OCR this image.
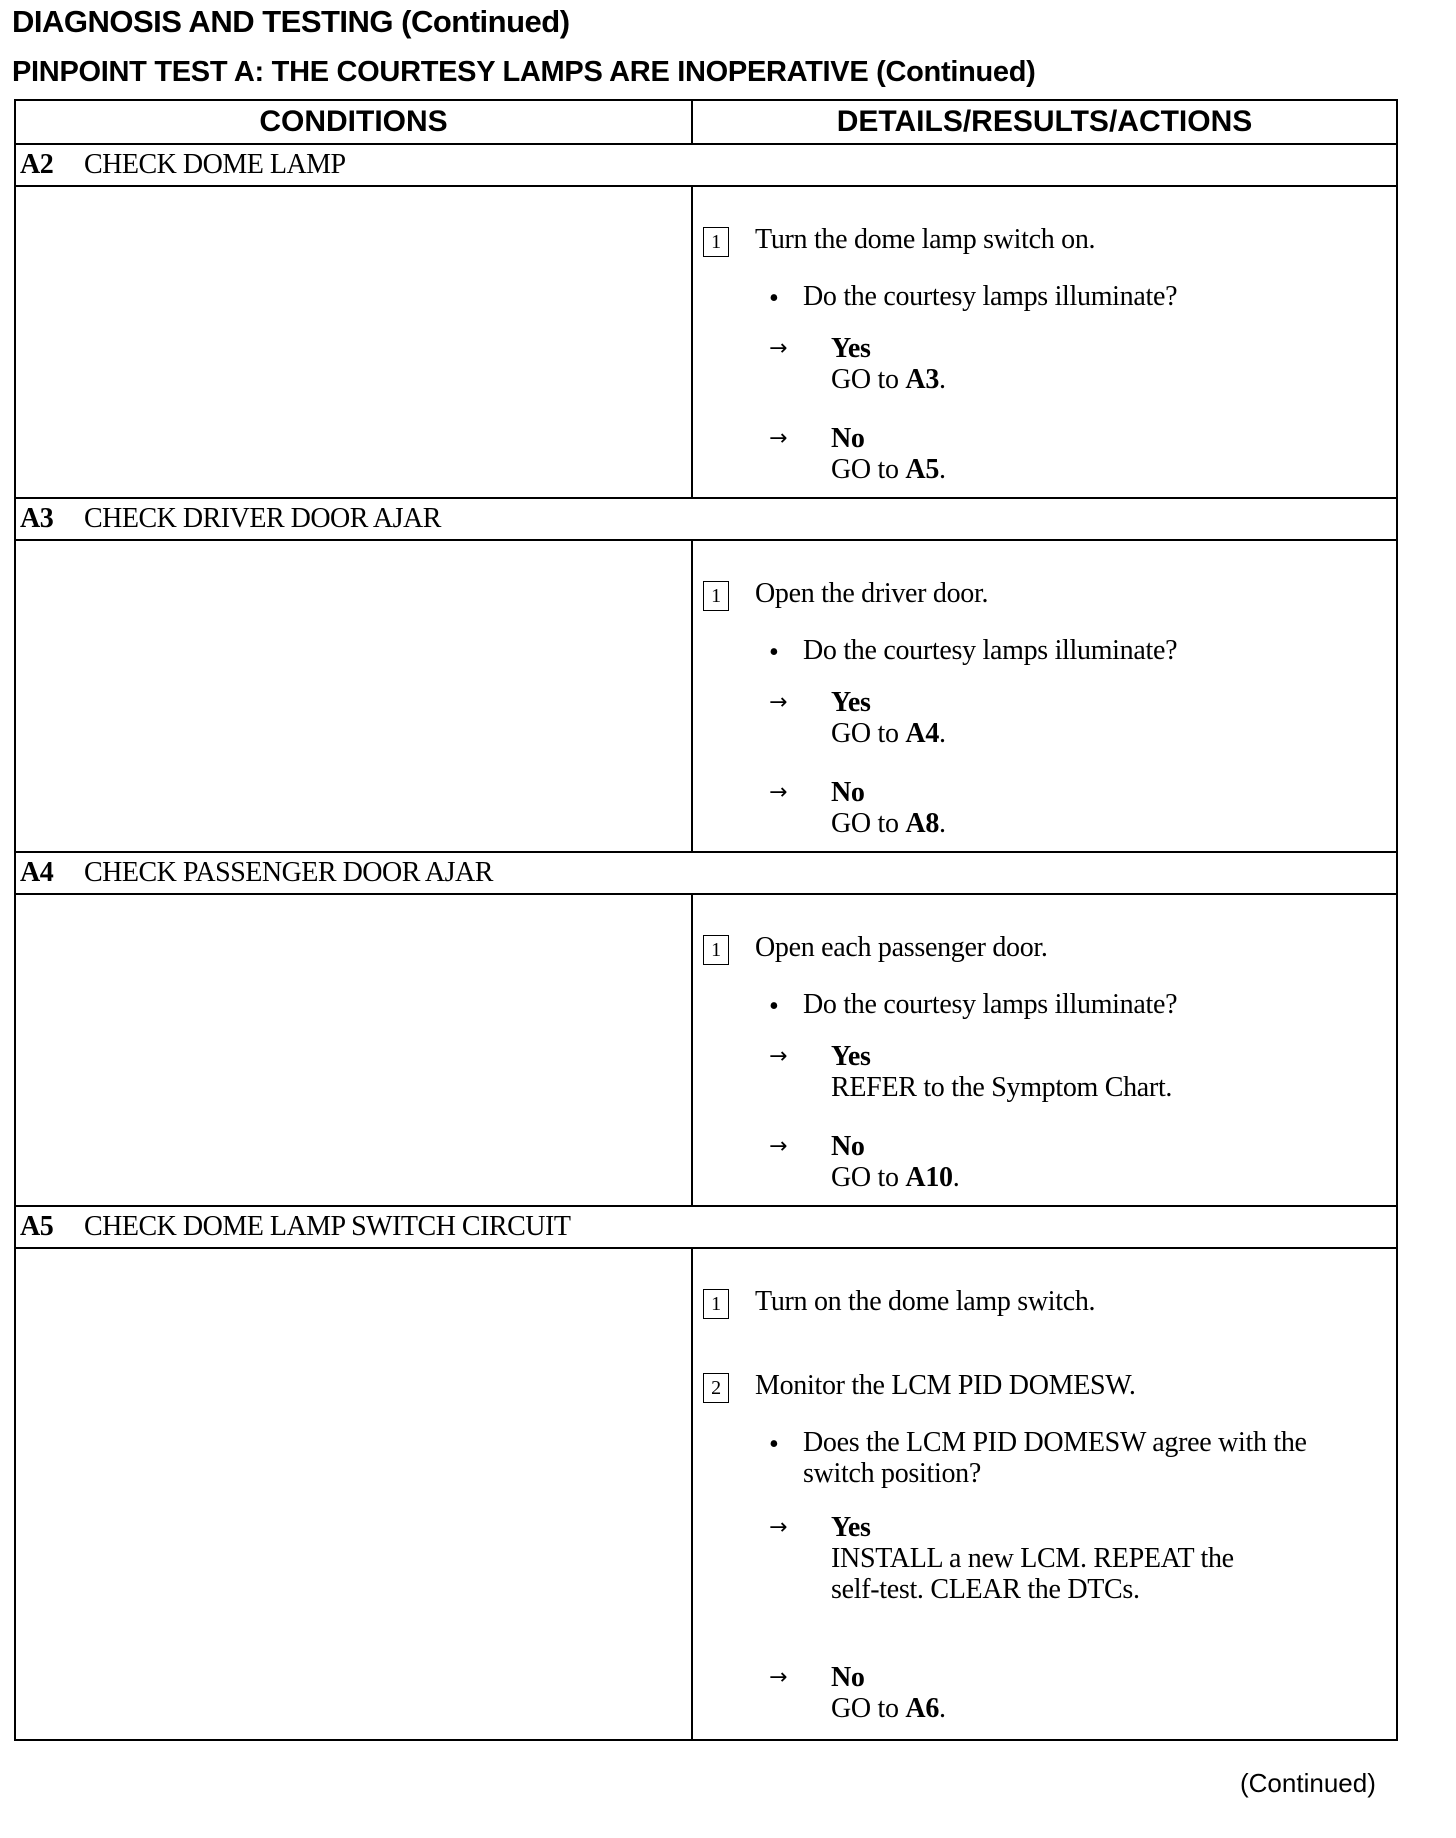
DIAGNOSIS AND TESTING (Continued)
PINPOINT TEST A: THE COURTESY LAMPS ARE INOPERATIVE (Continued)
CONDITIONS	DETAILS/RESULTS/ACTIONS
A2 CHECK DOME LAMP
1 Turn the dome lamp switch on.
• Do the courtesy lamps illuminate?
→ Yes
GO to A3.
→ No
GO to A5.
A3 CHECK DRIVER DOOR AJAR
1 Open the driver door.
• Do the courtesy lamps illuminate?
→ Yes
GO to A4.
→ No
GO to A8.
A4 CHECK PASSENGER DOOR AJAR
1 Open each passenger door.
• Do the courtesy lamps illuminate?
→ Yes
REFER to the Symptom Chart.
→ No
GO to A10.
A5 CHECK DOME LAMP SWITCH CIRCUIT
1 Turn on the dome lamp switch.
2 Monitor the LCM PID DOMESW.
• Does the LCM PID DOMESW agree with the
switch position?
→ Yes
INSTALL a new LCM. REPEAT the
self-test. CLEAR the DTCs.
→ No
GO to A6.
(Continued)
